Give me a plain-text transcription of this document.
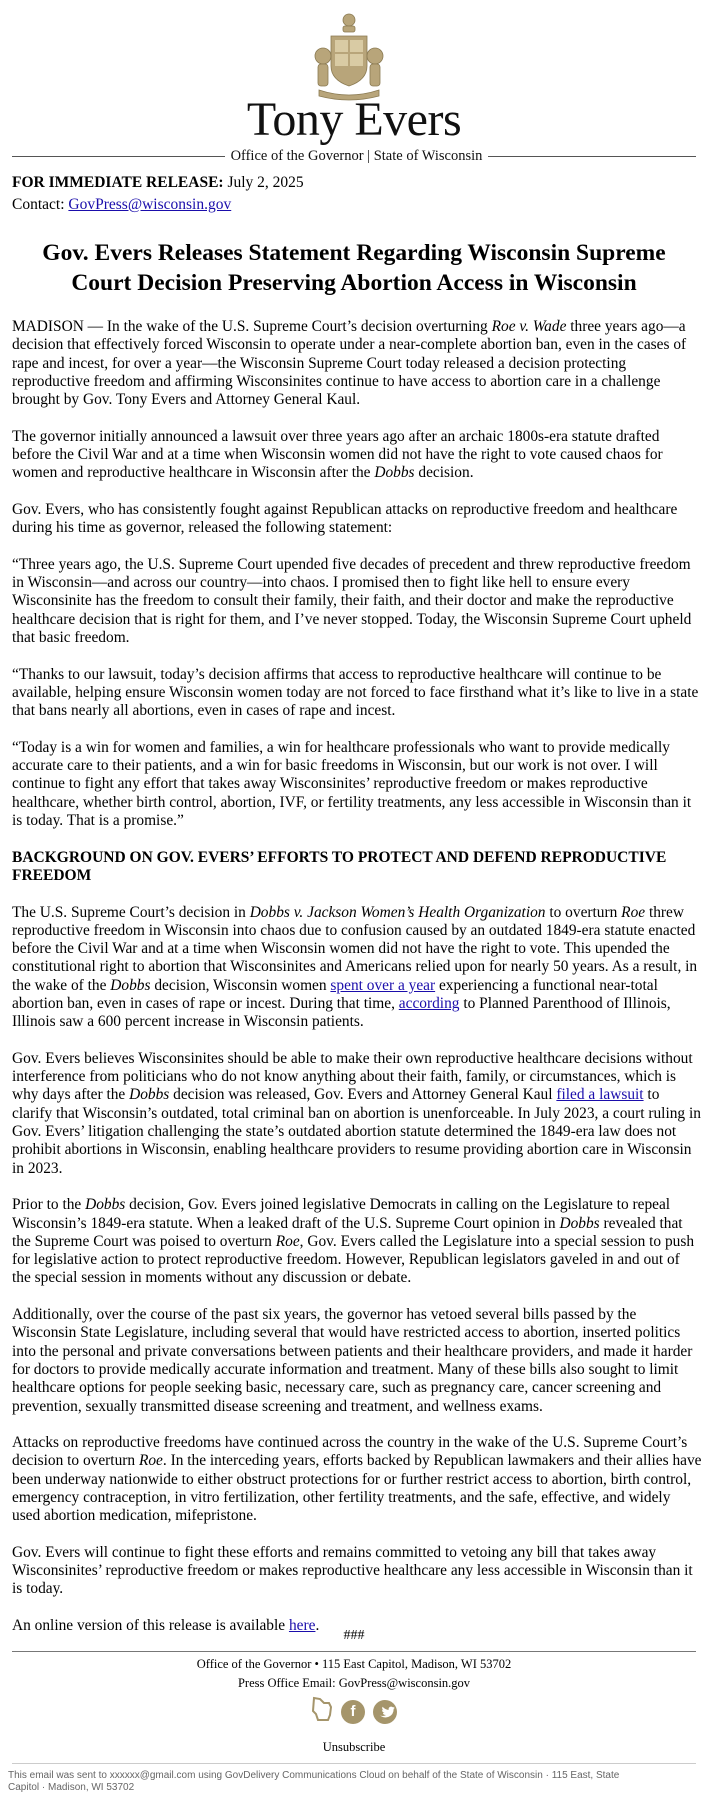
Tony Evers
Office of the Governor | State of Wisconsin
FOR IMMEDIATE RELEASE: July 2, 2025
Contact: GovPress@wisconsin.gov
Gov. Evers Releases Statement Regarding Wisconsin Supreme Court Decision Preserving Abortion Access in Wisconsin

MADISON — In the wake of the U.S. Supreme Court’s decision overturning Roe v. Wade three years ago—a decision that effectively forced Wisconsin to operate under a near-complete abortion ban, even in the cases of rape and incest, for over a year—the Wisconsin Supreme Court today released a decision protecting reproductive freedom and affirming Wisconsinites continue to have access to abortion care in a challenge brought by Gov. Tony Evers and Attorney General Kaul.

The governor initially announced a lawsuit over three years ago after an archaic 1800s-era statute drafted before the Civil War and at a time when Wisconsin women did not have the right to vote caused chaos for women and reproductive healthcare in Wisconsin after the Dobbs decision.

Gov. Evers, who has consistently fought against Republican attacks on reproductive freedom and healthcare during his time as governor, released the following statement:

“Three years ago, the U.S. Supreme Court upended five decades of precedent and threw reproductive freedom in Wisconsin—and across our country—into chaos. I promised then to fight like hell to ensure every Wisconsinite has the freedom to consult their family, their faith, and their doctor and make the reproductive healthcare decision that is right for them, and I’ve never stopped. Today, the Wisconsin Supreme Court upheld that basic freedom.

“Thanks to our lawsuit, today’s decision affirms that access to reproductive healthcare will continue to be available, helping ensure Wisconsin women today are not forced to face firsthand what it’s like to live in a state that bans nearly all abortions, even in cases of rape and incest.

“Today is a win for women and families, a win for healthcare professionals who want to provide medically accurate care to their patients, and a win for basic freedoms in Wisconsin, but our work is not over. I will continue to fight any effort that takes away Wisconsinites’ reproductive freedom or makes reproductive healthcare, whether birth control, abortion, IVF, or fertility treatments, any less accessible in Wisconsin than it is today. That is a promise.”

BACKGROUND ON GOV. EVERS’ EFFORTS TO PROTECT AND DEFEND REPRODUCTIVE FREEDOM

The U.S. Supreme Court’s decision in Dobbs v. Jackson Women’s Health Organization to overturn Roe threw reproductive freedom in Wisconsin into chaos due to confusion caused by an outdated 1849-era statute enacted before the Civil War and at a time when Wisconsin women did not have the right to vote. This upended the constitutional right to abortion that Wisconsinites and Americans relied upon for nearly 50 years. As a result, in the wake of the Dobbs decision, Wisconsin women spent over a year experiencing a functional near-total abortion ban, even in cases of rape or incest. During that time, according to Planned Parenthood of Illinois, Illinois saw a 600 percent increase in Wisconsin patients.

Gov. Evers believes Wisconsinites should be able to make their own reproductive healthcare decisions without interference from politicians who do not know anything about their faith, family, or circumstances, which is why days after the Dobbs decision was released, Gov. Evers and Attorney General Kaul filed a lawsuit to clarify that Wisconsin’s outdated, total criminal ban on abortion is unenforceable. In July 2023, a court ruling in Gov. Evers’ litigation challenging the state’s outdated abortion statute determined the 1849-era law does not prohibit abortions in Wisconsin, enabling healthcare providers to resume providing abortion care in Wisconsin in 2023.

Prior to the Dobbs decision, Gov. Evers joined legislative Democrats in calling on the Legislature to repeal Wisconsin’s 1849-era statute. When a leaked draft of the U.S. Supreme Court opinion in Dobbs revealed that the Supreme Court was poised to overturn Roe, Gov. Evers called the Legislature into a special session to push for legislative action to protect reproductive freedom. However, Republican legislators gaveled in and out of the special session in moments without any discussion or debate.

Additionally, over the course of the past six years, the governor has vetoed several bills passed by the Wisconsin State Legislature, including several that would have restricted access to abortion, inserted politics into the personal and private conversations between patients and their healthcare providers, and made it harder for doctors to provide medically accurate information and treatment. Many of these bills also sought to limit healthcare options for people seeking basic, necessary care, such as pregnancy care, cancer screening and prevention, sexually transmitted disease screening and treatment, and wellness exams.

Attacks on reproductive freedoms have continued across the country in the wake of the U.S. Supreme Court’s decision to overturn Roe. In the interceding years, efforts backed by Republican lawmakers and their allies have been underway nationwide to either obstruct protections for or further restrict access to abortion, birth control, emergency contraception, in vitro fertilization, other fertility treatments, and the safe, effective, and widely used abortion medication, mifepristone.

Gov. Evers will continue to fight these efforts and remains committed to vetoing any bill that takes away Wisconsinites’ reproductive freedom or makes reproductive healthcare any less accessible in Wisconsin than it is today.

An online version of this release is available here.

###
Office of the Governor • 115 East Capitol, Madison, WI 53702
Press Office Email: GovPress@wisconsin.gov
f
Unsubscribe
This email was sent to xxxxxx@gmail.com using GovDelivery Communications Cloud on behalf of the State of Wisconsin · 115 East, State Capitol · Madison, WI 53702
